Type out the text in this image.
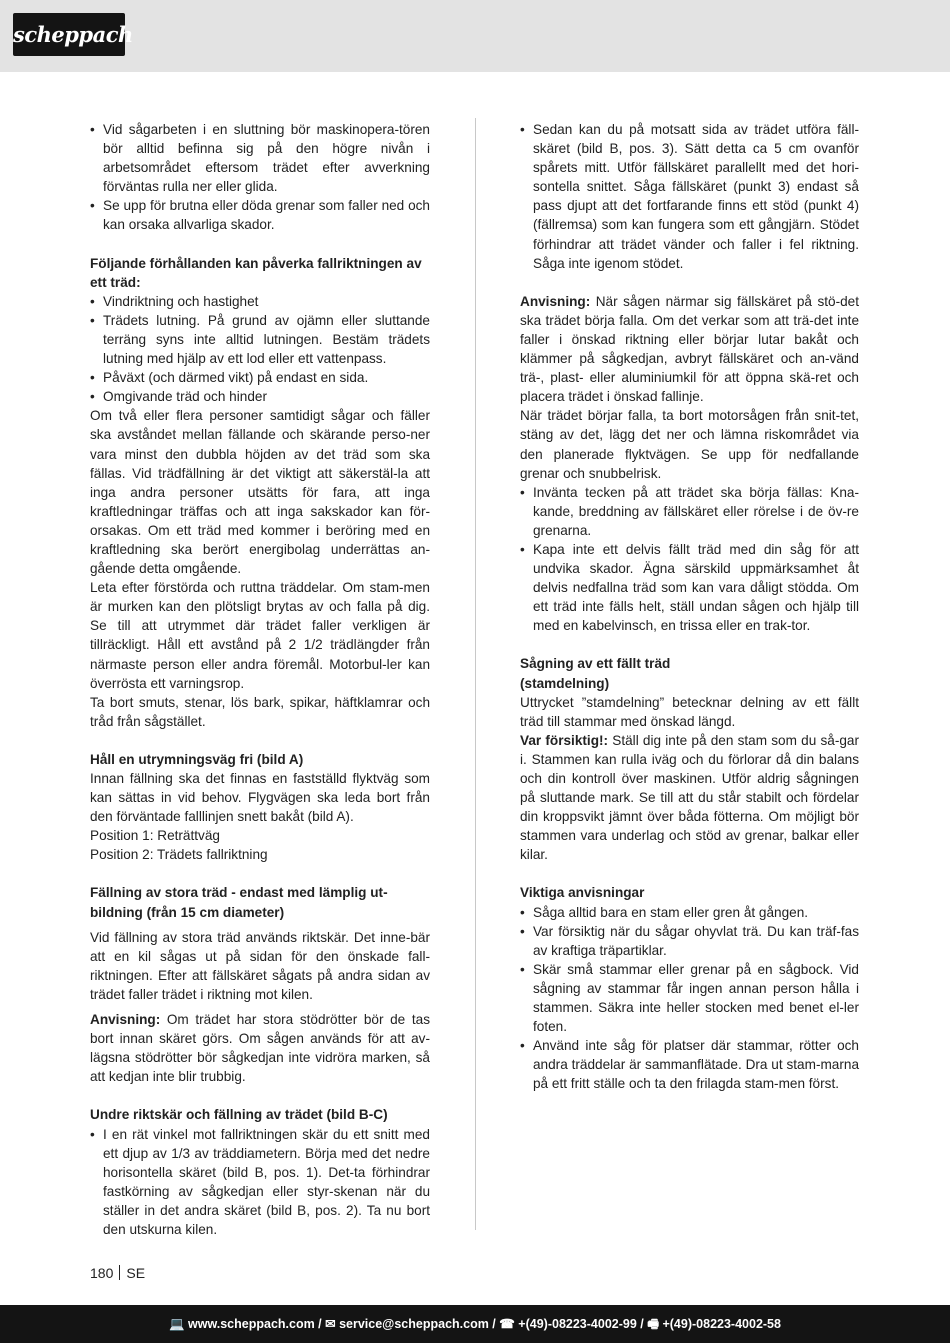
scheppach
• Vid sågarbeten i en sluttning bör maskinopera-tören bör alltid befinna sig på den högre nivån i arbetsområdet eftersom trädet efter avverkning förväntas rulla ner eller glida.
• Se upp för brutna eller döda grenar som faller ned och kan orsaka allvarliga skador.

Följande förhållanden kan påverka fallriktningen av ett träd:

• Vindriktning och hastighet
• Trädets lutning. På grund av ojämn eller sluttande terräng syns inte alltid lutningen. Bestäm trädets lutning med hjälp av ett lod eller ett vattenpass.
• Påväxt (och därmed vikt) på endast en sida.
• Omgivande träd och hinder

Om två eller flera personer samtidigt sågar och fäller ska avståndet mellan fällande och skärande perso-ner vara minst den dubbla höjden av det träd som ska fällas. Vid trädfällning är det viktigt att säkerstäl-la att inga andra personer utsätts för fara, att inga kraftledningar träffas och att inga sakskador kan för-orsakas. Om ett träd med kommer i beröring med en kraftledning ska berört energibolag underrättas an-gående detta omgående.

Leta efter förstörda och ruttna träddelar. Om stam-men är murken kan den plötsligt brytas av och falla på dig. Se till att utrymmet där trädet faller verkligen är tillräckligt. Håll ett avstånd på 2 1/2 trädlängder från närmaste person eller andra föremål. Motorbul-ler kan överrösta ett varningsrop.

Ta bort smuts, stenar, lös bark, spikar, häftklamrar och tråd från sågstället.

Håll en utrymningsväg fri (bild A)

Innan fällning ska det finnas en fastställd flyktväg som kan sättas in vid behov. Flygvägen ska leda bort från den förväntade falllinjen snett bakåt (bild A).

Position 1: Reträttväg

Position 2: Trädets fallriktning

Fällning av stora träd - endast med lämplig ut-bildning (från 15 cm diameter)

Vid fällning av stora träd används riktskär. Det inne-bär att en kil sågas ut på sidan för den önskade fall-riktningen. Efter att fällskäret sågats på andra sidan av trädet faller trädet i riktning mot kilen.

Anvisning: Om trädet har stora stödrötter bör de tas bort innan skäret görs. Om sågen används för att av-lägsna stödrötter bör sågkedjan inte vidröra marken, så att kedjan inte blir trubbig.

Undre riktskär och fällning av trädet (bild B-C)

• I en rät vinkel mot fallriktningen skär du ett snitt med ett djup av 1/3 av träddiametern. Börja med det nedre horisontella skäret (bild B, pos. 1). Det-ta förhindrar fastkörning av sågkedjan eller styr-skenan när du ställer in det andra skäret (bild B, pos. 2). Ta nu bort den utskurna kilen.
• Sedan kan du på motsatt sida av trädet utföra fäll-skäret (bild B, pos. 3). Sätt detta ca 5 cm ovanför spårets mitt. Utför fällskäret parallellt med det hori-sontella snittet. Såga fällskäret (punkt 3) endast så pass djupt att det fortfarande finns ett stöd (punkt 4) (fällremsa) som kan fungera som ett gångjärn. Stödet förhindrar att trädet vänder och faller i fel riktning. Såga inte igenom stödet.

Anvisning: När sågen närmar sig fällskäret på stö-det ska trädet börja falla. Om det verkar som att trä-det inte faller i önskad riktning eller börjar lutar bakåt och klämmer på sågkedjan, avbryt fällskäret och an-vänd trä-, plast- eller aluminiumkil för att öppna skä-ret och placera trädet i önskad fallinje.

När trädet börjar falla, ta bort motorsågen från snit-tet, stäng av det, lägg det ner och lämna riskområdet via den planerade flyktvägen. Se upp för nedfallande grenar och snubbelrisk.

• Invänta tecken på att trädet ska börja fällas: Kna-kande, breddning av fällskäret eller rörelse i de öv-re grenarna.
• Kapa inte ett delvis fällt träd med din såg för att undvika skador. Ägna särskild uppmärksamhet åt delvis nedfallna träd som kan vara dåligt stödda. Om ett träd inte fälls helt, ställ undan sågen och hjälp till med en kabelvinsch, en trissa eller en trak-tor.

Sågning av ett fällt träd

(stamdelning)

Uttrycket ”stamdelning” betecknar delning av ett fällt träd till stammar med önskad längd.

Var försiktig!: Ställ dig inte på den stam som du så-gar i. Stammen kan rulla iväg och du förlorar då din balans och din kontroll över maskinen. Utför aldrig sågningen på sluttande mark. Se till att du står stabilt och fördelar din kroppsvikt jämnt över båda fötterna. Om möjligt bör stammen vara underlag och stöd av grenar, balkar eller kilar.

Viktiga anvisningar

• Såga alltid bara en stam eller gren åt gången.
• Var försiktig när du sågar ohyvlat trä. Du kan träf-fas av kraftiga träpartiklar.
• Skär små stammar eller grenar på en sågbock. Vid sågning av stammar får ingen annan person hålla i stammen. Säkra inte heller stocken med benet el-ler foten.
• Använd inte såg för platser där stammar, rötter och andra träddelar är sammanflätade. Dra ut stam-marna på ett fritt ställe och ta den frilagda stam-men först.
180 SE
💻 www.scheppach.com / ✉ service@scheppach.com / ☎ +(49)-08223-4002-99 / 🖷 +(49)-08223-4002-58
